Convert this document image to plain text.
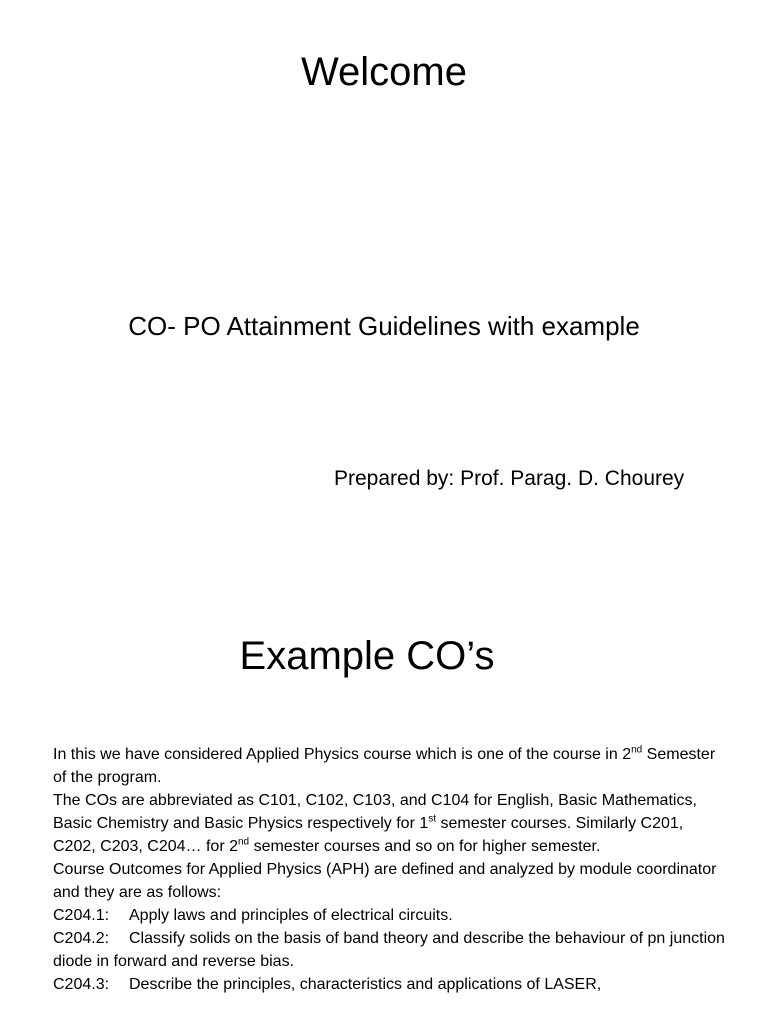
Welcome
CO- PO Attainment Guidelines with example
Prepared by: Prof. Parag. D. Chourey
Example CO’s

In this we have considered Applied Physics course which is one of the course in 2nd Semester of the program.

The COs are abbreviated as C101, C102, C103, and C104 for English, Basic Mathematics, Basic Chemistry and Basic Physics respectively for 1st semester courses. Similarly C201, C202, C203, C204… for 2nd semester courses and so on for higher semester.

Course Outcomes for Applied Physics (APH) are defined and analyzed by module coordinator and they are as follows:

C204.1: Apply laws and principles of electrical circuits.

C204.2: Classify solids on the basis of band theory and describe the behaviour of pn junction diode in forward and reverse bias.

C204.3: Describe the principles, characteristics and applications of LASER,
